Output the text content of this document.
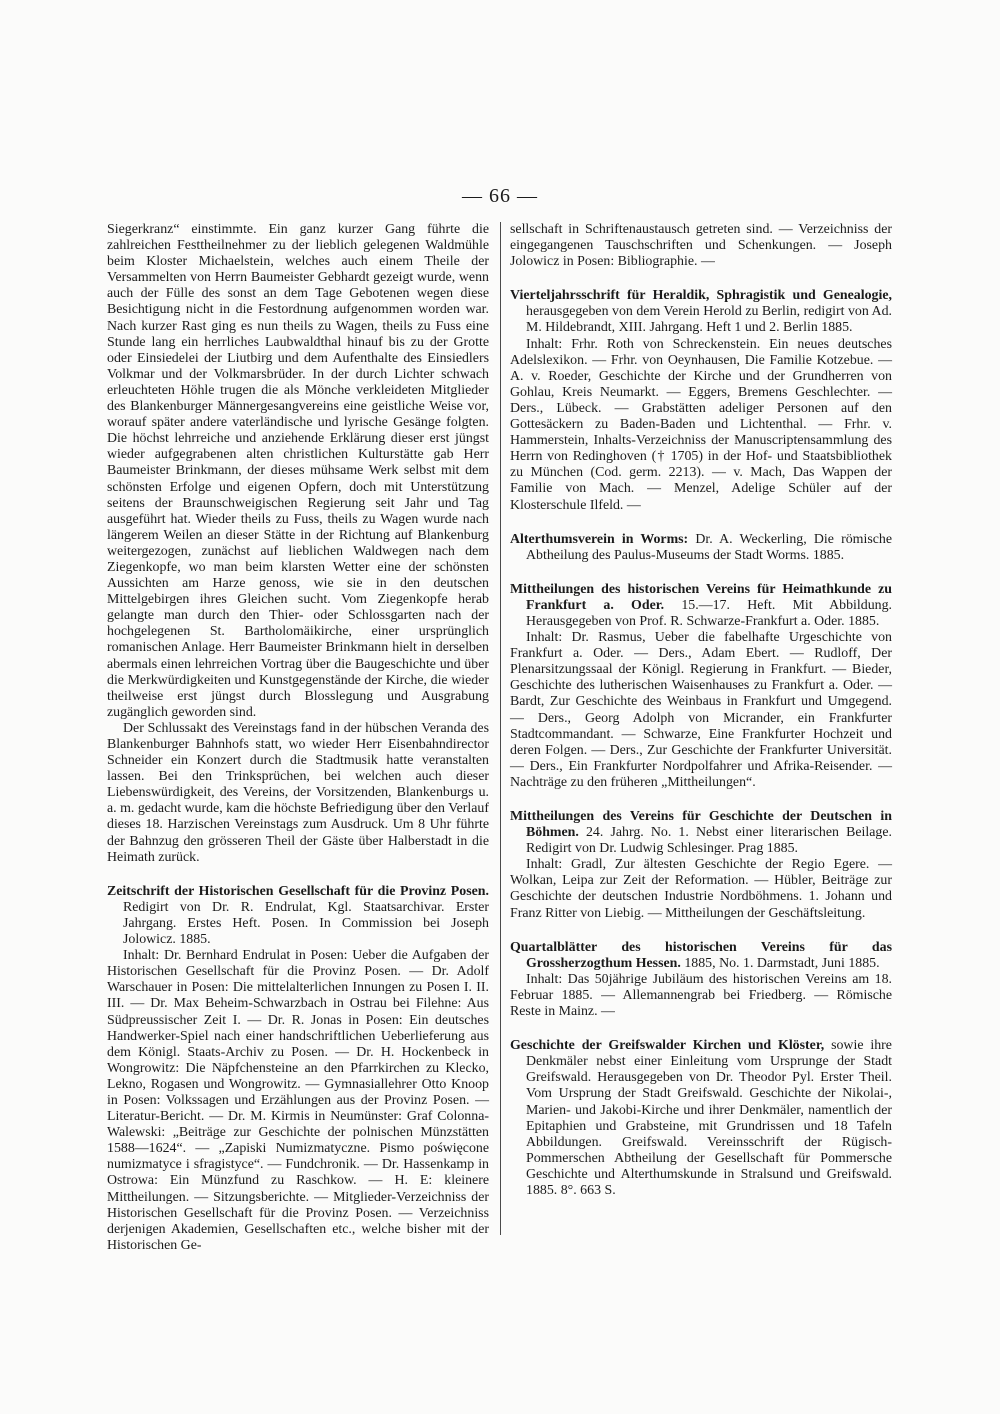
— 66 —

Siegerkranz“ einstimmte. Ein ganz kurzer Gang führte die zahlreichen Festtheilnehmer zu der lieblich gelegenen Waldmühle beim Kloster Michaelstein, welches auch einem Theile der Versammelten von Herrn Baumeister Gebhardt gezeigt wurde, wenn auch der Fülle des sonst an dem Tage Gebotenen wegen diese Besichtigung nicht in die Festordnung aufgenommen worden war. Nach kurzer Rast ging es nun theils zu Wagen, theils zu Fuss eine Stunde lang ein herrliches Laubwaldthal hinauf bis zu der Grotte oder Einsiedelei der Liutbirg und dem Aufenthalte des Einsiedlers Volkmar und der Volkmarsbrüder. In der durch Lichter schwach erleuchteten Höhle trugen die als Mönche verkleideten Mitglieder des Blankenburger Männergesangvereins eine geistliche Weise vor, worauf später andere vaterländische und lyrische Gesänge folgten. Die höchst lehrreiche und anziehende Erklärung dieser erst jüngst wieder aufgegrabenen alten christlichen Kulturstätte gab Herr Baumeister Brinkmann, der dieses mühsame Werk selbst mit dem schönsten Erfolge und eigenen Opfern, doch mit Unterstützung seitens der Braunschweigischen Regierung seit Jahr und Tag ausgeführt hat. Wieder theils zu Fuss, theils zu Wagen wurde nach längerem Weilen an dieser Stätte in der Richtung auf Blankenburg weitergezogen, zunächst auf lieblichen Waldwegen nach dem Ziegenkopfe, wo man beim klarsten Wetter eine der schönsten Aussichten am Harze genoss, wie sie in den deutschen Mittelgebirgen ihres Gleichen sucht. Vom Ziegenkopfe herab gelangte man durch den Thier- oder Schlossgarten nach der hochgelegenen St. Bartholomäikirche, einer ursprünglich romanischen Anlage. Herr Baumeister Brinkmann hielt in derselben abermals einen lehrreichen Vortrag über die Baugeschichte und über die Merkwürdigkeiten und Kunstgegenstände der Kirche, die wieder theilweise erst jüngst durch Blosslegung und Ausgrabung zugänglich geworden sind.

Der Schlussakt des Vereinstags fand in der hübschen Veranda des Blankenburger Bahnhofs statt, wo wieder Herr Eisenbahndirector Schneider ein Konzert durch die Stadtmusik hatte veranstalten lassen. Bei den Trinksprüchen, bei welchen auch dieser Liebenswürdigkeit, des Vereins, der Vorsitzenden, Blankenburgs u. a. m. gedacht wurde, kam die höchste Befriedigung über den Verlauf dieses 18. Harzischen Vereinstags zum Ausdruck. Um 8 Uhr führte der Bahnzug den grösseren Theil der Gäste über Halberstadt in die Heimath zurück.

Zeitschrift der Historischen Gesellschaft für die Provinz Posen. Redigirt von Dr. R. Endrulat, Kgl. Staatsarchivar. Erster Jahrgang. Erstes Heft. Posen. In Commission bei Joseph Jolowicz. 1885.

Inhalt: Dr. Bernhard Endrulat in Posen: Ueber die Aufgaben der Historischen Gesellschaft für die Provinz Posen. — Dr. Adolf Warschauer in Posen: Die mittelalterlichen Innungen zu Posen I. II. III. — Dr. Max Beheim-Schwarzbach in Ostrau bei Filehne: Aus Südpreussischer Zeit I. — Dr. R. Jonas in Posen: Ein deutsches Handwerker-Spiel nach einer handschriftlichen Ueberlieferung aus dem Königl. Staats-Archiv zu Posen. — Dr. H. Hockenbeck in Wongrowitz: Die Näpfchensteine an den Pfarrkirchen zu Klecko, Lekno, Rogasen und Wongrowitz. — Gymnasiallehrer Otto Knoop in Posen: Volkssagen und Erzählungen aus der Provinz Posen. — Literatur-Bericht. — Dr. M. Kirmis in Neumünster: Graf Colonna-Walewski: „Beiträge zur Geschichte der polnischen Münzstätten 1588—1624“. — „Zapiski Numizmatyczne. Pismo poświęcone numizmatyce i sfragistyce“. — Fundchronik. — Dr. Hassenkamp in Ostrowa: Ein Münzfund zu Raschkow. — H. E: kleinere Mittheilungen. — Sitzungsberichte. — Mitglieder-Verzeichniss der Historischen Gesellschaft für die Provinz Posen. — Verzeichniss derjenigen Akademien, Gesellschaften etc., welche bisher mit der Historischen Ge-

sellschaft in Schriftenaustausch getreten sind. — Verzeichniss der eingegangenen Tauschschriften und Schenkungen. — Joseph Jolowicz in Posen: Bibliographie. —

Vierteljahrsschrift für Heraldik, Sphragistik und Genealogie, herausgegeben von dem Verein Herold zu Berlin, redigirt von Ad. M. Hildebrandt, XIII. Jahrgang. Heft 1 und 2. Berlin 1885.

Inhalt: Frhr. Roth von Schreckenstein. Ein neues deutsches Adelslexikon. — Frhr. von Oeynhausen, Die Familie Kotzebue. — A. v. Roeder, Geschichte der Kirche und der Grundherren von Gohlau, Kreis Neumarkt. — Eggers, Bremens Geschlechter. — Ders., Lübeck. — Grabstätten adeliger Personen auf den Gottesäckern zu Baden-Baden und Lichtenthal. — Frhr. v. Hammerstein, Inhalts-Verzeichniss der Manuscriptensammlung des Herrn von Redinghoven († 1705) in der Hof- und Staatsbibliothek zu München (Cod. germ. 2213). — v. Mach, Das Wappen der Familie von Mach. — Menzel, Adelige Schüler auf der Klosterschule Ilfeld. —

Alterthumsverein in Worms: Dr. A. Weckerling, Die römische Abtheilung des Paulus-Museums der Stadt Worms. 1885.

Mittheilungen des historischen Vereins für Heimathkunde zu Frankfurt a. Oder. 15.—17. Heft. Mit Abbildung. Herausgegeben von Prof. R. Schwarze-Frankfurt a. Oder. 1885.

Inhalt: Dr. Rasmus, Ueber die fabelhafte Urgeschichte von Frankfurt a. Oder. — Ders., Adam Ebert. — Rudloff, Der Plenarsitzungssaal der Königl. Regierung in Frankfurt. — Bieder, Geschichte des lutherischen Waisenhauses zu Frankfurt a. Oder. — Bardt, Zur Geschichte des Weinbaus in Frankfurt und Umgegend. — Ders., Georg Adolph von Micrander, ein Frankfurter Stadtcommandant. — Schwarze, Eine Frankfurter Hochzeit und deren Folgen. — Ders., Zur Geschichte der Frankfurter Universität. — Ders., Ein Frankfurter Nordpolfahrer und Afrika-Reisender. — Nachträge zu den früheren „Mittheilungen“.

Mittheilungen des Vereins für Geschichte der Deutschen in Böhmen. 24. Jahrg. No. 1. Nebst einer literarischen Beilage. Redigirt von Dr. Ludwig Schlesinger. Prag 1885.

Inhalt: Gradl, Zur ältesten Geschichte der Regio Egere. — Wolkan, Leipa zur Zeit der Reformation. — Hübler, Beiträge zur Geschichte der deutschen Industrie Nordböhmens. 1. Johann und Franz Ritter von Liebig. — Mittheilungen der Geschäftsleitung.

Quartalblätter des historischen Vereins für das Grossherzogthum Hessen. 1885, No. 1. Darmstadt, Juni 1885.

Inhalt: Das 50jährige Jubiläum des historischen Vereins am 18. Februar 1885. — Allemannengrab bei Friedberg. — Römische Reste in Mainz. —

Geschichte der Greifswalder Kirchen und Klöster, sowie ihre Denkmäler nebst einer Einleitung vom Ursprunge der Stadt Greifswald. Herausgegeben von Dr. Theodor Pyl. Erster Theil. Vom Ursprung der Stadt Greifswald. Geschichte der Nikolai-, Marien- und Jakobi-Kirche und ihrer Denkmäler, namentlich der Epitaphien und Grabsteine, mit Grundrissen und 18 Tafeln Abbildungen. Greifswald. Vereinsschrift der Rügisch-Pommerschen Abtheilung der Gesellschaft für Pommersche Geschichte und Alterthumskunde in Stralsund und Greifswald. 1885. 8°. 663 S.
